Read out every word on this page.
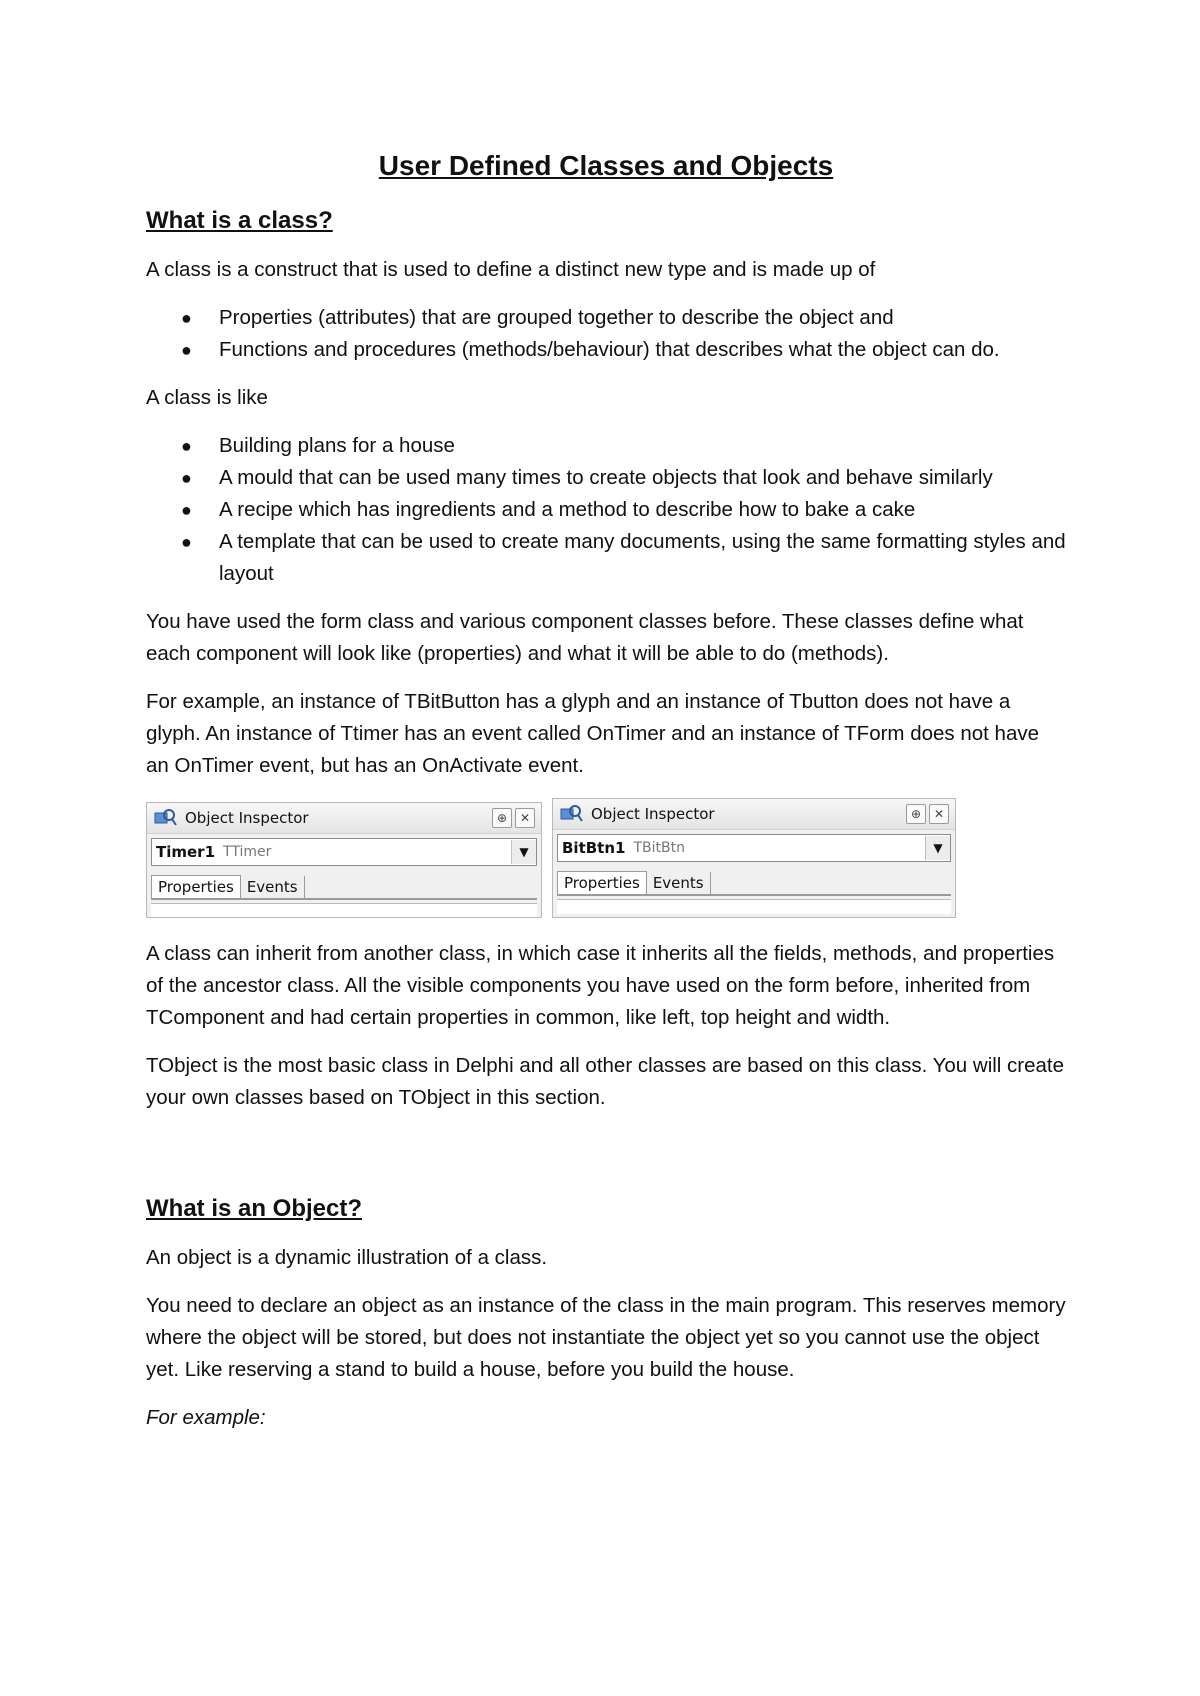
User Defined Classes and Objects
What is a class?

A class is a construct that is used to define a distinct new type and is made up of

● Properties (attributes) that are grouped together to describe the object and
● Functions and procedures (methods/behaviour) that describes what the object can do.

A class is like

● Building plans for a house
● A mould that can be used many times to create objects that look and behave similarly
● A recipe which has ingredients and a method to describe how to bake a cake
● A template that can be used to create many documents, using the same formatting styles and layout

You have used the form class and various component classes before. These classes define what each component will look like (properties) and what it will be able to do (methods).

For example, an instance of TBitButton has a glyph and an instance of Tbutton does not have a glyph. An instance of Ttimer has an event called OnTimer and an instance of TForm does not have an OnTimer event, but has an OnActivate event.

Object Inspector	⊕	✕
Timer1 TTimer	▼
Properties Events
Object Inspector	⊕	✕
BitBtn1 TBitBtn	▼
Properties Events

A class can inherit from another class, in which case it inherits all the fields, methods, and properties of the ancestor class. All the visible components you have used on the form before, inherited from TComponent and had certain properties in common, like left, top height and width.

TObject is the most basic class in Delphi and all other classes are based on this class. You will create your own classes based on TObject in this section.

What is an Object?

An object is a dynamic illustration of a class.

You need to declare an object as an instance of the class in the main program. This reserves memory where the object will be stored, but does not instantiate the object yet so you cannot use the object yet. Like reserving a stand to build a house, before you build the house.

For example:
